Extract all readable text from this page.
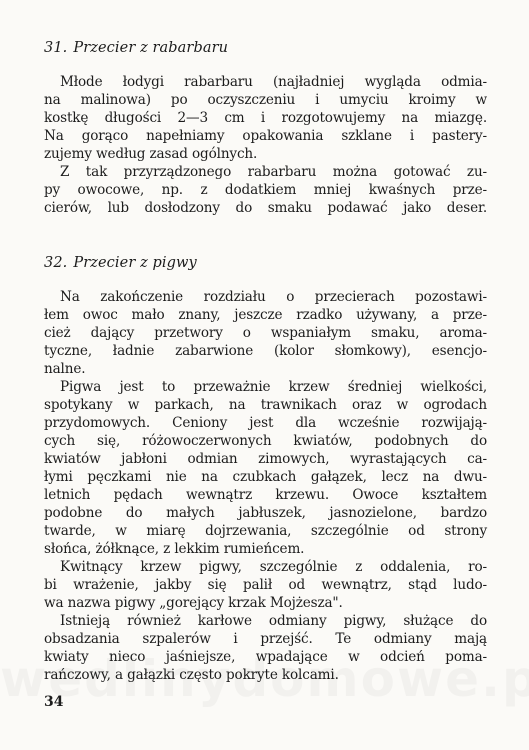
31. Przecier z rabarbaru
Młode łodygi rabarbaru (najładniej wygląda odmia-
na malinowa) po oczyszczeniu i umyciu kroimy w
kostkę długości 2—3 cm i rozgotowujemy na miazgę.
Na gorąco napełniamy opakowania szklane i pastery-
zujemy według zasad ogólnych.
Z tak przyrządzonego rabarbaru można gotować zu-
py owocowe, np. z dodatkiem mniej kwaśnych prze-
cierów, lub dosłodzony do smaku podawać jako deser.
32. Przecier z pigwy
Na zakończenie rozdziału o przecierach pozostawi-
łem owoc mało znany, jeszcze rzadko używany, a prze-
cież dający przetwory o wspaniałym smaku, aroma-
tyczne, ładnie zabarwione (kolor słomkowy), esencjo-
nalne.
Pigwa jest to przeważnie krzew średniej wielkości,
spotykany w parkach, na trawnikach oraz w ogrodach
przydomowych. Ceniony jest dla wcześnie rozwijają-
cych się, różowoczerwonych kwiatów, podobnych do
kwiatów jabłoni odmian zimowych, wyrastających ca-
łymi pęczkami nie na czubkach gałązek, lecz na dwu-
letnich pędach wewnątrz krzewu. Owoce kształtem
podobne do małych jabłuszek, jasnozielone, bardzo
twarde, w miarę dojrzewania, szczególnie od strony
słońca, żółknące, z lekkim rumieńcem.
Kwitnący krzew pigwy, szczególnie z oddalenia, ro-
bi wrażenie, jakby się palił od wewnątrz, stąd ludo-
wa nazwa pigwy „gorejący krzak Mojżesza".
Istnieją również karłowe odmiany pigwy, służące do
obsadzania szpalerów i przejść. Te odmiany mają
kwiaty nieco jaśniejsze, wpadające w odcień poma-
rańczowy, a gałązki często pokryte kolcami.
34
